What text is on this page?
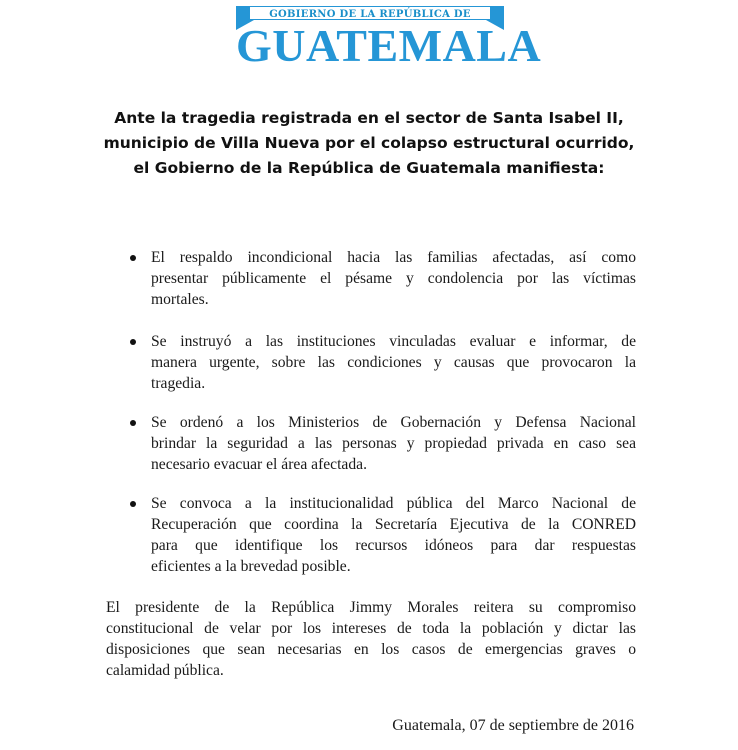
GOBIERNO DE LA REPÚBLICA DE
GUATEMALA
Ante la tragedia registrada en el sector de Santa Isabel II,
municipio de Villa Nueva por el colapso estructural ocurrido,
el Gobierno de la República de Guatemala manifiesta:
El respaldo incondicional hacia las familias afectadas, así como
presentar públicamente el pésame y condolencia por las víctimas
mortales.
Se instruyó a las instituciones vinculadas evaluar e informar, de
manera urgente, sobre las condiciones y causas que provocaron la
tragedia.
Se ordenó a los Ministerios de Gobernación y Defensa Nacional
brindar la seguridad a las personas y propiedad privada en caso sea
necesario evacuar el área afectada.
Se convoca a la institucionalidad pública del Marco Nacional de
Recuperación que coordina la Secretaría Ejecutiva de la CONRED
para que identifique los recursos idóneos para dar respuestas
eficientes a la brevedad posible.
El presidente de la República Jimmy Morales reitera su compromiso
constitucional de velar por los intereses de toda la población y dictar las
disposiciones que sean necesarias en los casos de emergencias graves o
calamidad pública.
Guatemala, 07 de septiembre de 2016
